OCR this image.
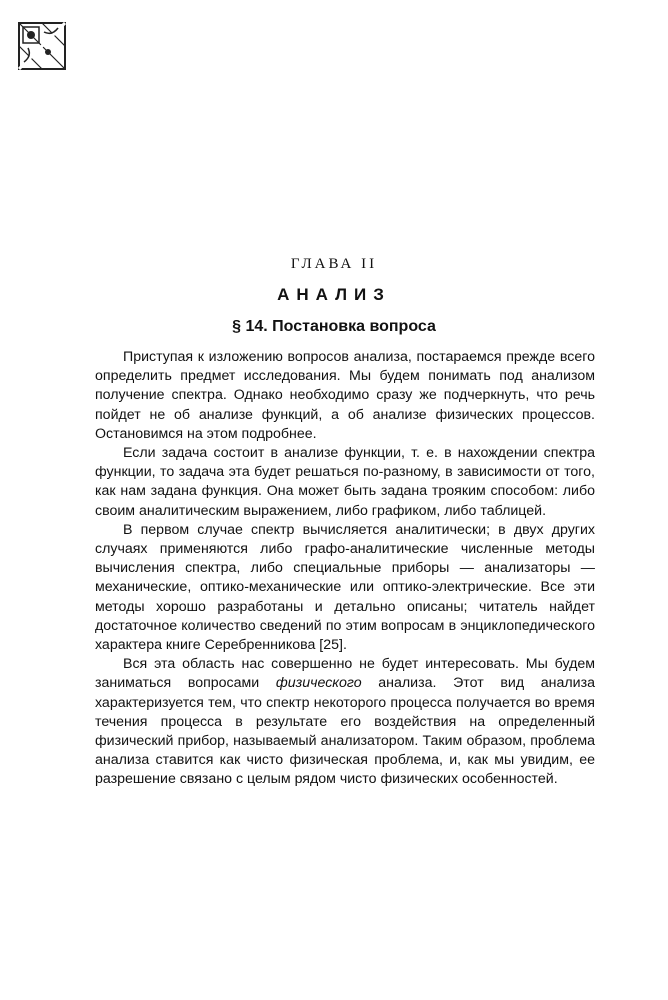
ГЛАВА II
АНАЛИЗ
§ 14. Постановка вопроса

Приступая к изложению вопросов анализа, постараемся прежде всего определить предмет исследования. Мы будем понимать под анализом получение спектра. Однако необходимо сразу же подчеркнуть, что речь пойдет не об анализе функций, а об анализе физических процессов. Остановимся на этом подробнее.

Если задача состоит в анализе функции, т. е. в нахождении спектра функции, то задача эта будет решаться по-разному, в зависимости от того, как нам задана функция. Она может быть задана трояким способом: либо своим аналитическим выражением, либо графиком, либо таблицей.

В первом случае спектр вычисляется аналитически; в двух других случаях применяются либо графо-аналитические численные методы вычисления спектра, либо специальные приборы — анализаторы — механические, оптико-механические или оптико-электрические. Все эти методы хорошо разработаны и детально описаны; читатель найдет достаточное количество сведений по этим вопросам в энциклопедического характера книге Серебренникова [25].

Вся эта область нас совершенно не будет интересовать. Мы будем заниматься вопросами физического анализа. Этот вид анализа характеризуется тем, что спектр некоторого процесса получается во время течения процесса в результате его воздействия на определенный физический прибор, называемый анализатором. Таким образом, проблема анализа ставится как чисто физическая проблема, и, как мы увидим, ее разрешение связано с целым рядом чисто физических особенностей.
